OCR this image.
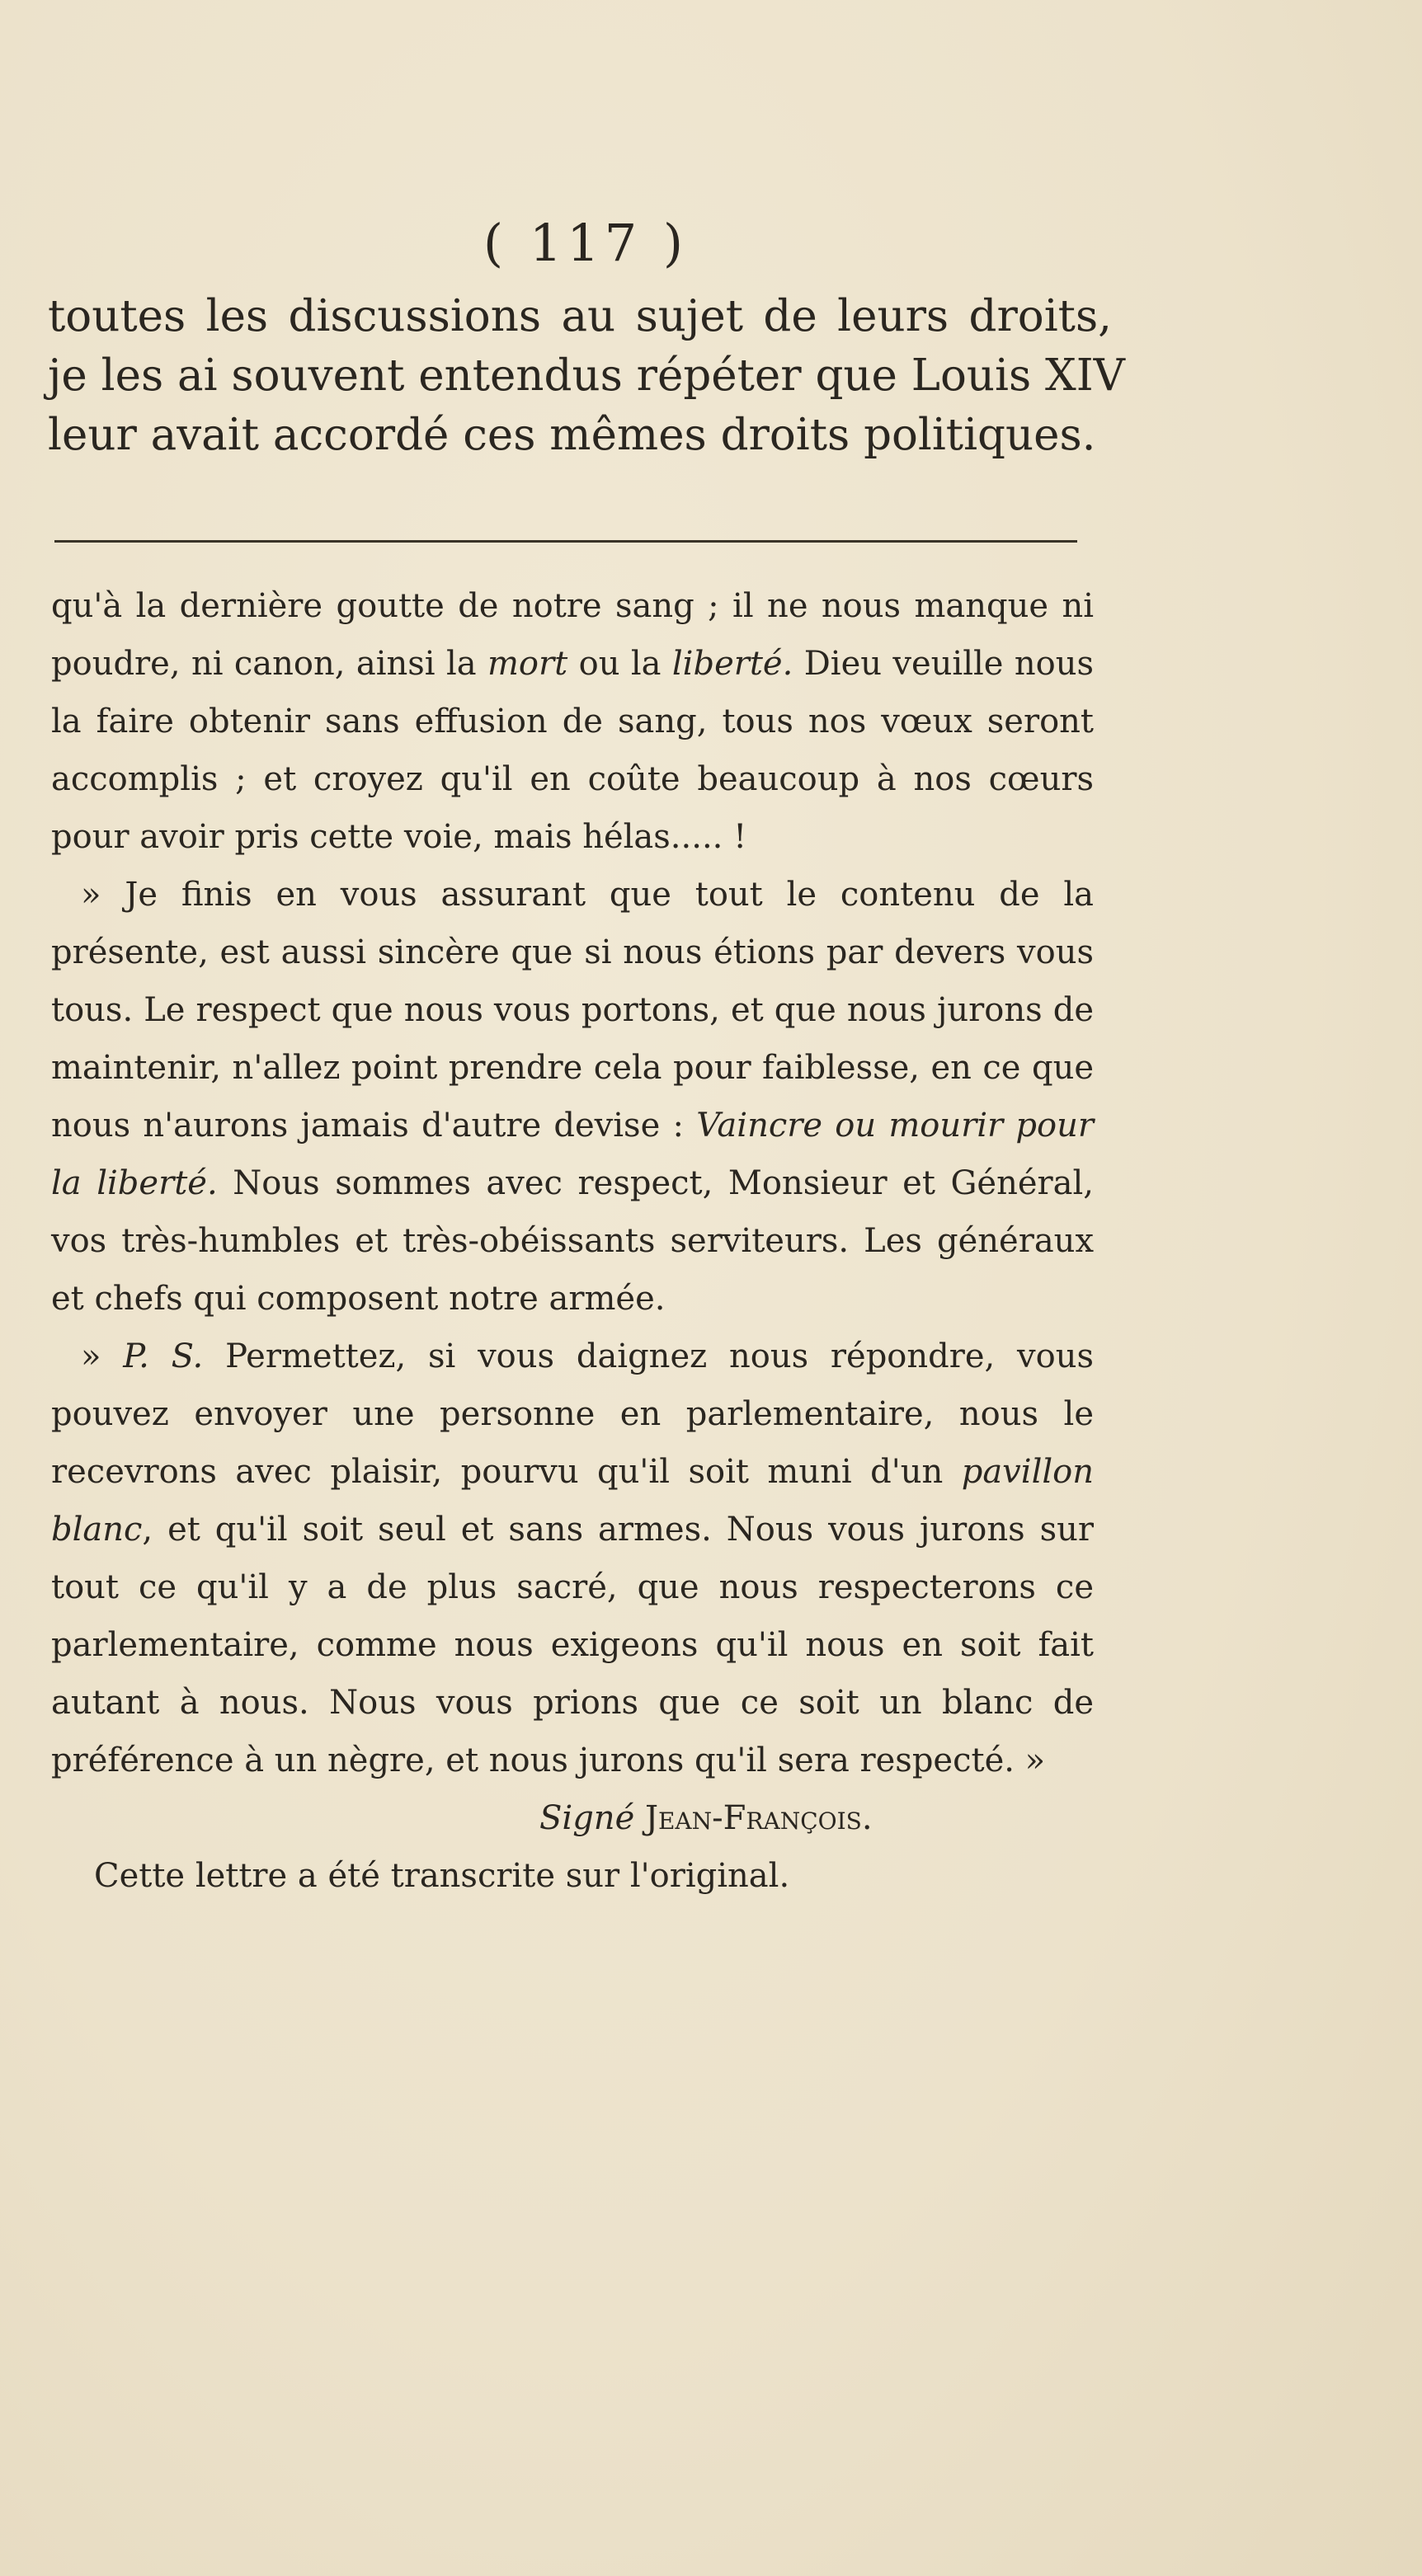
( 117 )
toutes les discussions au sujet de leurs droits,
je les ai souvent entendus répéter que Louis XIV
leur avait accordé ces mêmes droits politiques.

qu'à la dernière goutte de notre sang ; il ne nous manque ni poudre, ni canon, ainsi la mort ou la liberté. Dieu veuille nous la faire obtenir sans effusion de sang, tous nos vœux seront accomplis ; et croyez qu'il en coûte beaucoup à nos cœurs pour avoir pris cette voie, mais hélas..... !

» Je finis en vous assurant que tout le contenu de la présente, est aussi sincère que si nous étions par devers vous tous. Le respect que nous vous portons, et que nous jurons de maintenir, n'allez point prendre cela pour faiblesse, en ce que nous n'aurons jamais d'autre devise : Vaincre ou mourir pour la liberté. Nous sommes avec respect, Monsieur et Général, vos très-humbles et très-obéissants serviteurs. Les généraux et chefs qui composent notre armée.

» P. S. Permettez, si vous daignez nous répondre, vous pouvez envoyer une personne en parlementaire, nous le recevrons avec plaisir, pourvu qu'il soit muni d'un pavillon blanc, et qu'il soit seul et sans armes. Nous vous jurons sur tout ce qu'il y a de plus sacré, que nous respecterons ce parlementaire, comme nous exigeons qu'il nous en soit fait autant à nous. Nous vous prions que ce soit un blanc de préférence à un nègre, et nous jurons qu'il sera respecté. »

Signé Jean-François.

Cette lettre a été transcrite sur l'original.
